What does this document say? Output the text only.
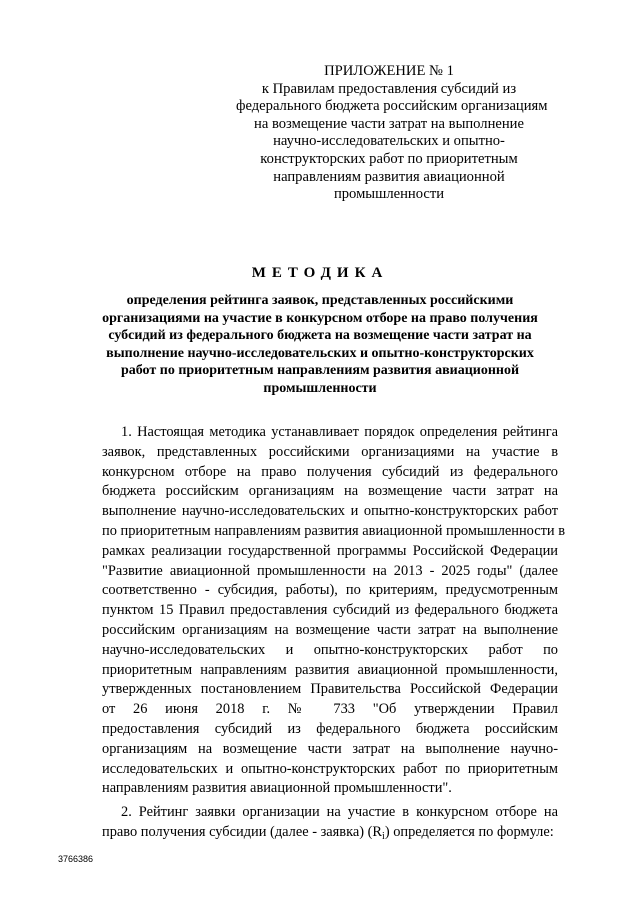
ПРИЛОЖЕНИЕ № 1
к Правилам предоставления субсидий из
федерального бюджета российским организациям
на возмещение части затрат на выполнение
научно-исследовательских и опытно-
конструкторских работ по приоритетным
направлениям развития авиационной
промышленности
МЕТОДИКА
определения рейтинга заявок, представленных российскими
организациями на участие в конкурсном отборе на право получения
субсидий из федерального бюджета на возмещение части затрат на
выполнение научно-исследовательских и опытно-конструкторских
работ по приоритетным направлениям развития авиационной
промышленности
1. Настоящая методика устанавливает порядок определения рейтинга
заявок, представленных российскими организациями на участие в
конкурсном отборе на право получения субсидий из федерального
бюджета российским организациям на возмещение части затрат на
выполнение научно-исследовательских и опытно-конструкторских работ
по приоритетным направлениям развития авиационной промышленности в
рамках реализации государственной программы Российской Федерации
"Развитие авиационной промышленности на 2013 - 2025 годы" (далее
соответственно - субсидия, работы), по критериям, предусмотренным
пунктом 15 Правил предоставления субсидий из федерального бюджета
российским организациям на возмещение части затрат на выполнение
научно-исследовательских и опытно-конструкторских работ по
приоритетным направлениям развития авиационной промышленности,
утвержденных постановлением Правительства Российской Федерации
от 26 июня 2018 г. № 733 "Об утверждении Правил
предоставления субсидий из федерального бюджета российским
организациям на возмещение части затрат на выполнение научно-
исследовательских и опытно-конструкторских работ по приоритетным
направлениям развития авиационной промышленности".
2. Рейтинг заявки организации на участие в конкурсном отборе на
право получения субсидии (далее - заявка) $(R_i)$ определяется по формуле:
3766386
